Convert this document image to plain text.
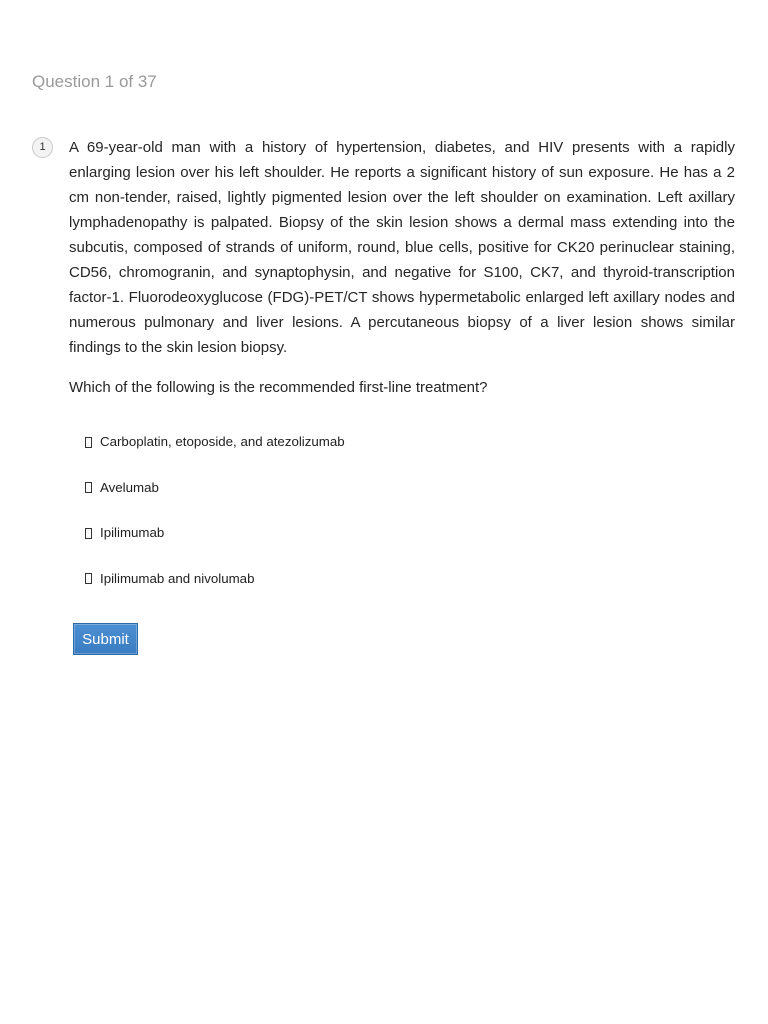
Question 1 of 37
1	A 69-year-old man with a history of hypertension, diabetes, and HIV presents with a rapidly enlarging lesion over his left shoulder. He reports a significant history of sun exposure. He has a 2 cm non-tender, raised, lightly pigmented lesion over the left shoulder on examination. Left axillary lymphadenopathy is palpated. Biopsy of the skin lesion shows a dermal mass extending into the subcutis, composed of strands of uniform, round, blue cells, positive for CK20 perinuclear staining, CD56, chromogranin, and synaptophysin, and negative for S100, CK7, and thyroid-transcription factor-1. Fluorodeoxyglucose (FDG)-PET/CT shows hypermetabolic enlarged left axillary nodes and numerous pulmonary and liver lesions. A percutaneous biopsy of a liver lesion shows similar findings to the skin lesion biopsy.

Which of the following is the recommended first-line treatment?

Carboplatin, etoposide, and atezolizumab
Avelumab
Ipilimumab
Ipilimumab and nivolumab
Submit
